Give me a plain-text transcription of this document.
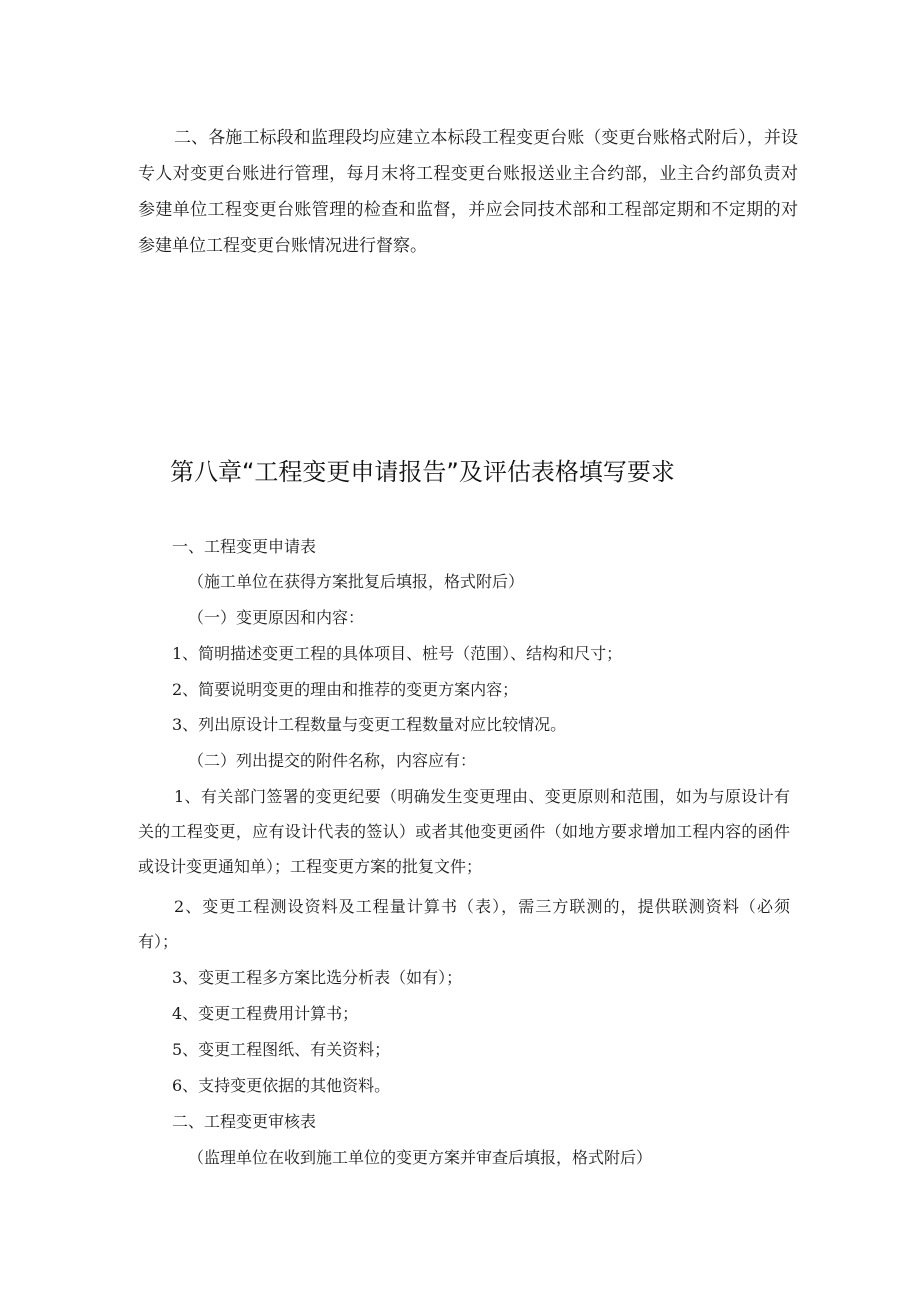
二、各施工标段和监理段均应建立本标段工程变更台账（变更台账格式附后），并设专人对变更台账进行管理，每月末将工程变更台账报送业主合约部，业主合约部负责对参建单位工程变更台账管理的检查和监督，并应会同技术部和工程部定期和不定期的对参建单位工程变更台账情况进行督察。

第八章“工程变更申请报告”及评估表格填写要求

一、工程变更申请表

（施工单位在获得方案批复后填报，格式附后）

（一）变更原因和内容：

1、简明描述变更工程的具体项目、桩号（范围）、结构和尺寸；

2、简要说明变更的理由和推荐的变更方案内容；

3、列出原设计工程数量与变更工程数量对应比较情况。

（二）列出提交的附件名称，内容应有：

1、有关部门签署的变更纪要（明确发生变更理由、变更原则和范围，如为与原设计有关的工程变更，应有设计代表的签认）或者其他变更函件（如地方要求增加工程内容的函件或设计变更通知单）；工程变更方案的批复文件；

2、变更工程测设资料及工程量计算书（表），需三方联测的，提供联测资料（必须有）；

3、变更工程多方案比选分析表（如有）；

4、变更工程费用计算书；

5、变更工程图纸、有关资料；

6、支持变更依据的其他资料。

二、工程变更审核表

（监理单位在收到施工单位的变更方案并审查后填报，格式附后）
